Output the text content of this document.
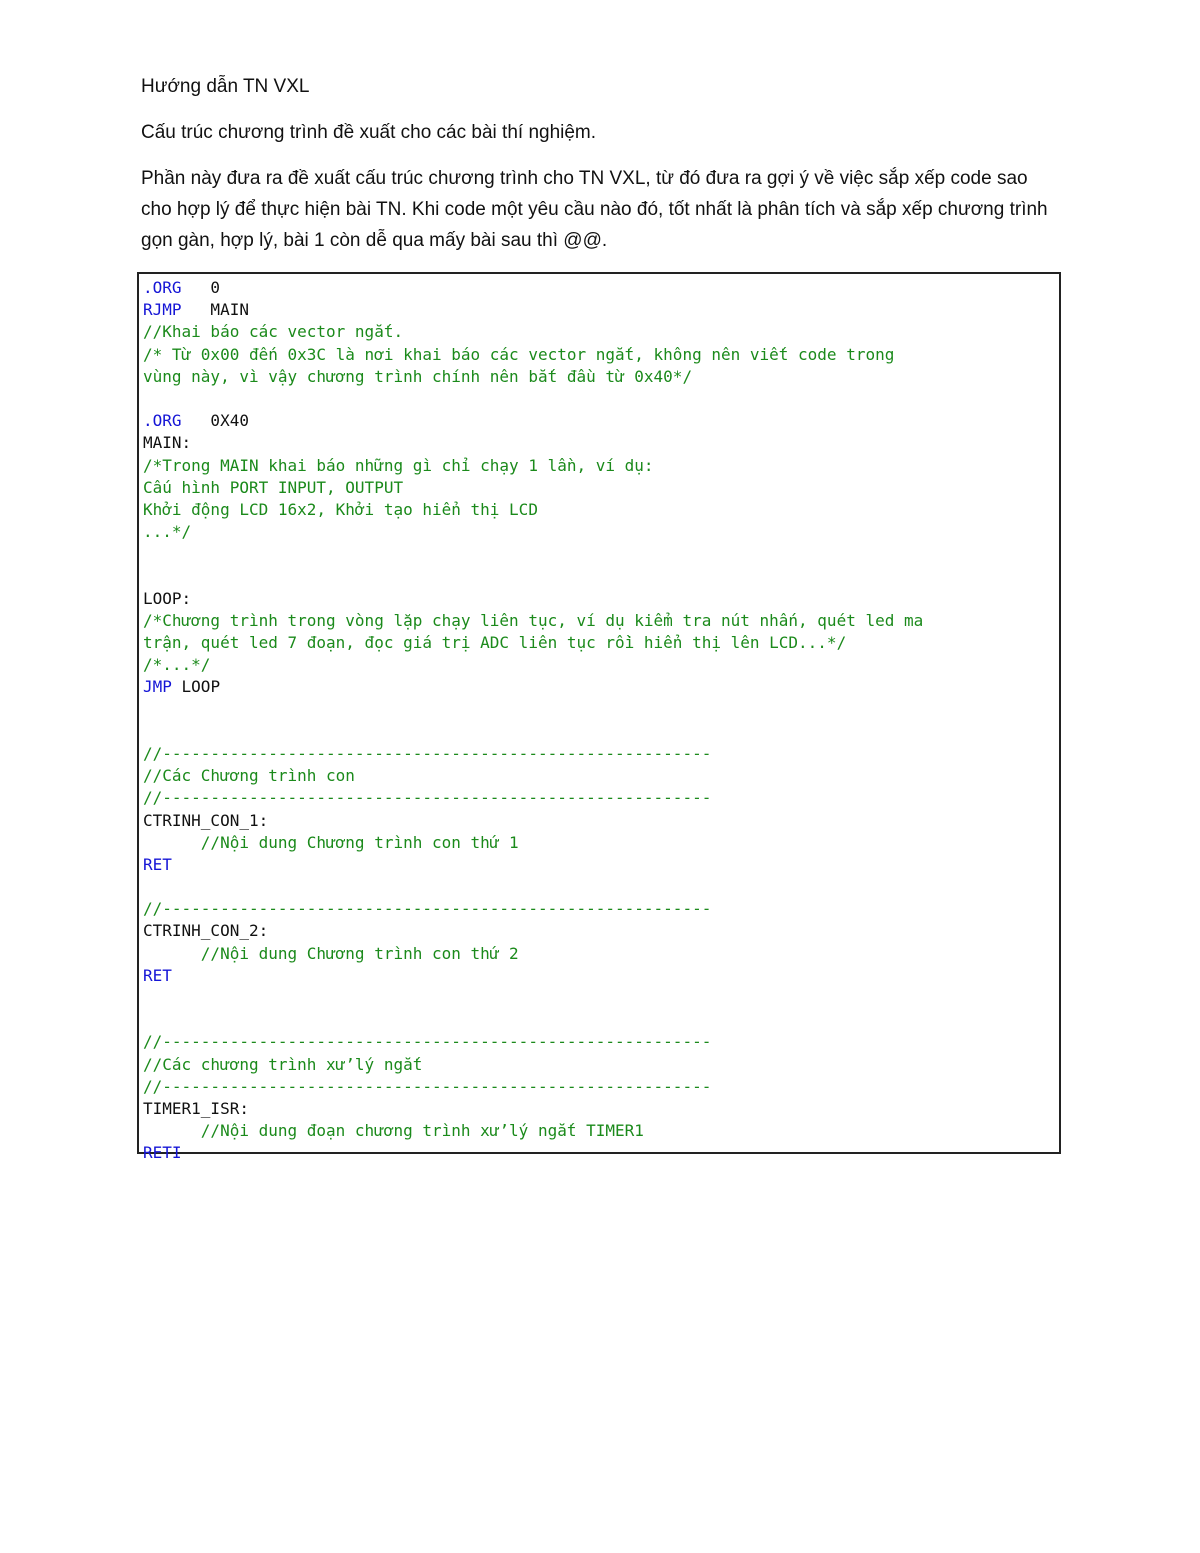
Hướng dẫn TN VXL

Cấu trúc chương trình đề xuất cho các bài thí nghiệm.

Phần này đưa ra đề xuất cấu trúc chương trình cho TN VXL, từ đó đưa ra gợi ý về việc sắp xếp code sao cho hợp lý để thực hiện bài TN. Khi code một yêu cầu nào đó, tốt nhất là phân tích và sắp xếp chương trình gọn gàn, hợp lý, bài 1 còn dễ qua mấy bài sau thì @@.

.ORG   0
RJMP   MAIN
//Khai báo các vector ngắt.
/* Từ 0x00 đến 0x3C là nơi khai báo các vector ngắt, không nên viết code trong
vùng này, vì vậy chương trình chính nên bắt đầu từ 0x40*/
.ORG   0X40
MAIN:
/*Trong MAIN khai báo những gì chỉ chạy 1 lần, ví dụ:
Cấu hình PORT INPUT, OUTPUT
Khởi động LCD 16x2, Khởi tạo hiển thị LCD
...*/
LOOP:
/*Chương trình trong vòng lặp chạy liên tục, ví dụ kiểm tra nút nhấn, quét led ma
trận, quét led 7 đoạn, đọc giá trị ADC liên tục rồi hiển thị lên LCD...*/
/*...*/
JMP LOOP
//---------------------------------------------------------
//Các Chương trình con
//---------------------------------------------------------
CTRINH_CON_1:
//Nội dung Chương trình con thứ 1
RET
//---------------------------------------------------------
CTRINH_CON_2:
//Nội dung Chương trình con thứ 2
RET
//---------------------------------------------------------
//Các chương trình xư’lý ngắt
//---------------------------------------------------------
TIMER1_ISR:
//Nội dung đoạn chương trình xư’lý ngắt TIMER1
RETI
